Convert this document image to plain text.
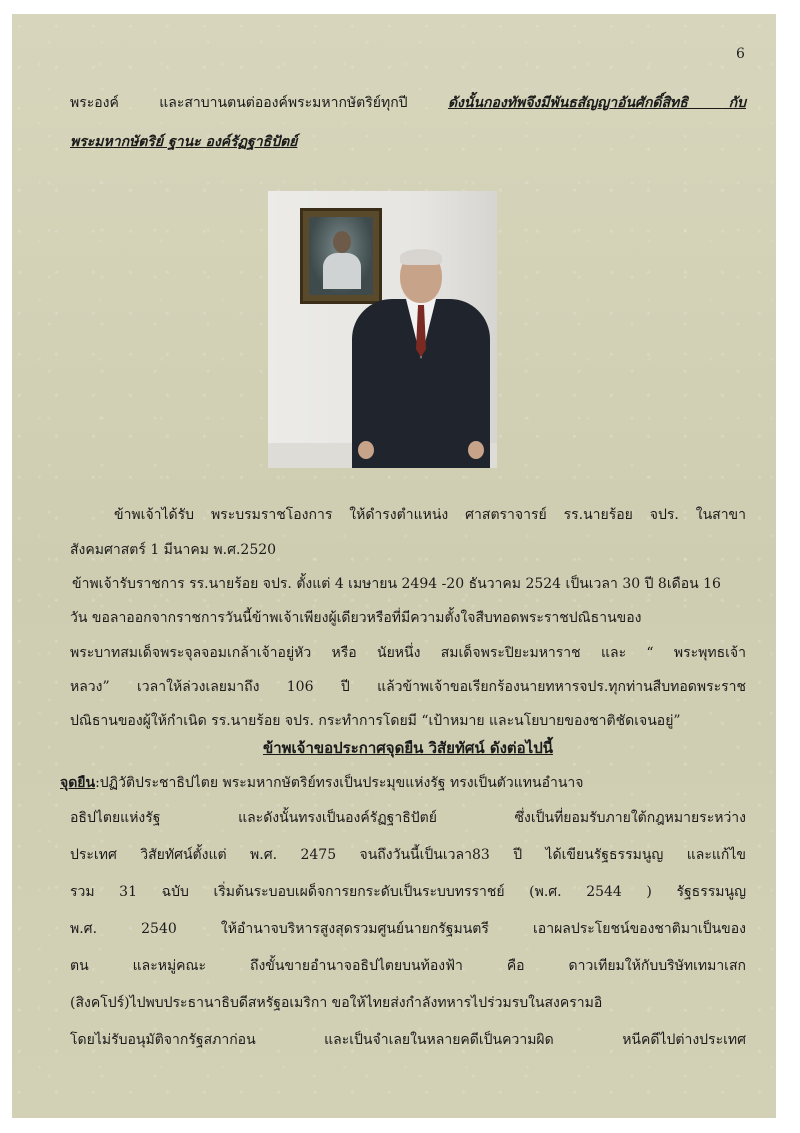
6
พระองค์ และสาบานตนต่อองค์พระมหากษัตริย์ทุกปี ดังนั้นกองทัพจึงมีพันธสัญญาอันศักดิ์สิทธิ กับ
พระมหากษัตริย์ ฐานะ องค์รัฏฐาธิปัตย์
ข้าพเจ้าได้รับ พระบรมราชโองการ ให้ดำรงตำแหน่ง ศาสตราจารย์ รร.นายร้อย จปร. ในสาขา
สังคมศาสตร์ 1 มีนาคม พ.ศ.2520
ข้าพเจ้ารับราชการ รร.นายร้อย จปร. ตั้งแต่ 4 เมษายน 2494 -20 ธันวาคม 2524 เป็นเวลา 30 ปี 8เดือน 16
วัน ขอลาออกจากราชการวันนี้ข้าพเจ้าเพียงผู้เดียวหรือที่มีความตั้งใจสืบทอดพระราชปณิธานของ
พระบาทสมเด็จพระจุลจอมเกล้าเจ้าอยู่หัว หรือ นัยหนึ่ง สมเด็จพระปิยะมหาราช และ “ พระพุทธเจ้า
หลวง” เวลาให้ล่วงเลยมาถึง 106 ปี แล้วข้าพเจ้าขอเรียกร้องนายทหารจปร.ทุกท่านสืบทอดพระราช
ปณิธานของผู้ให้กำเนิด รร.นายร้อย จปร. กระทำการโดยมี “เป้าหมาย และนโยบายของชาติชัดเจนอยู่”
ข้าพเจ้าขอประกาศจุดยืน วิสัยทัศน์ ดังต่อไปนี้
จุดยืน:ปฏิวัติประชาธิปไตย พระมหากษัตริย์ทรงเป็นประมุขแห่งรัฐ ทรงเป็นตัวแทนอำนาจ
อธิปไตยแห่งรัฐ และดังนั้นทรงเป็นองค์รัฏฐาธิปัตย์ ซึ่งเป็นที่ยอมรับภายใต้กฎหมายระหว่าง
ประเทศ วิสัยทัศน์ตั้งแต่ พ.ศ. 2475 จนถึงวันนี้เป็นเวลา83 ปี ได้เขียนรัฐธรรมนูญ และแก้ไข
รวม 31 ฉบับ เริ่มต้นระบอบเผด็จการยกระดับเป็นระบบทรราชย์ (พ.ศ. 2544 ) รัฐธรรมนูญ
พ.ศ. 2540 ให้อำนาจบริหารสูงสุดรวมศูนย์นายกรัฐมนตรี เอาผลประโยชน์ของชาติมาเป็นของ
ตน และหมู่คณะ ถึงขั้นขายอำนาจอธิปไตยบนท้องฟ้า คือ ดาวเทียมให้กับบริษัทเทมาเสก
(สิงคโปร์)ไปพบประธานาธิบดีสหรัฐอเมริกา ขอให้ไทยส่งกำลังทหารไปร่วมรบในสงครามอิ
โดยไม่รับอนุมัติจากรัฐสภาก่อน และเป็นจำเลยในหลายคดีเป็นความผิด หนีคดีไปต่างประเทศ
